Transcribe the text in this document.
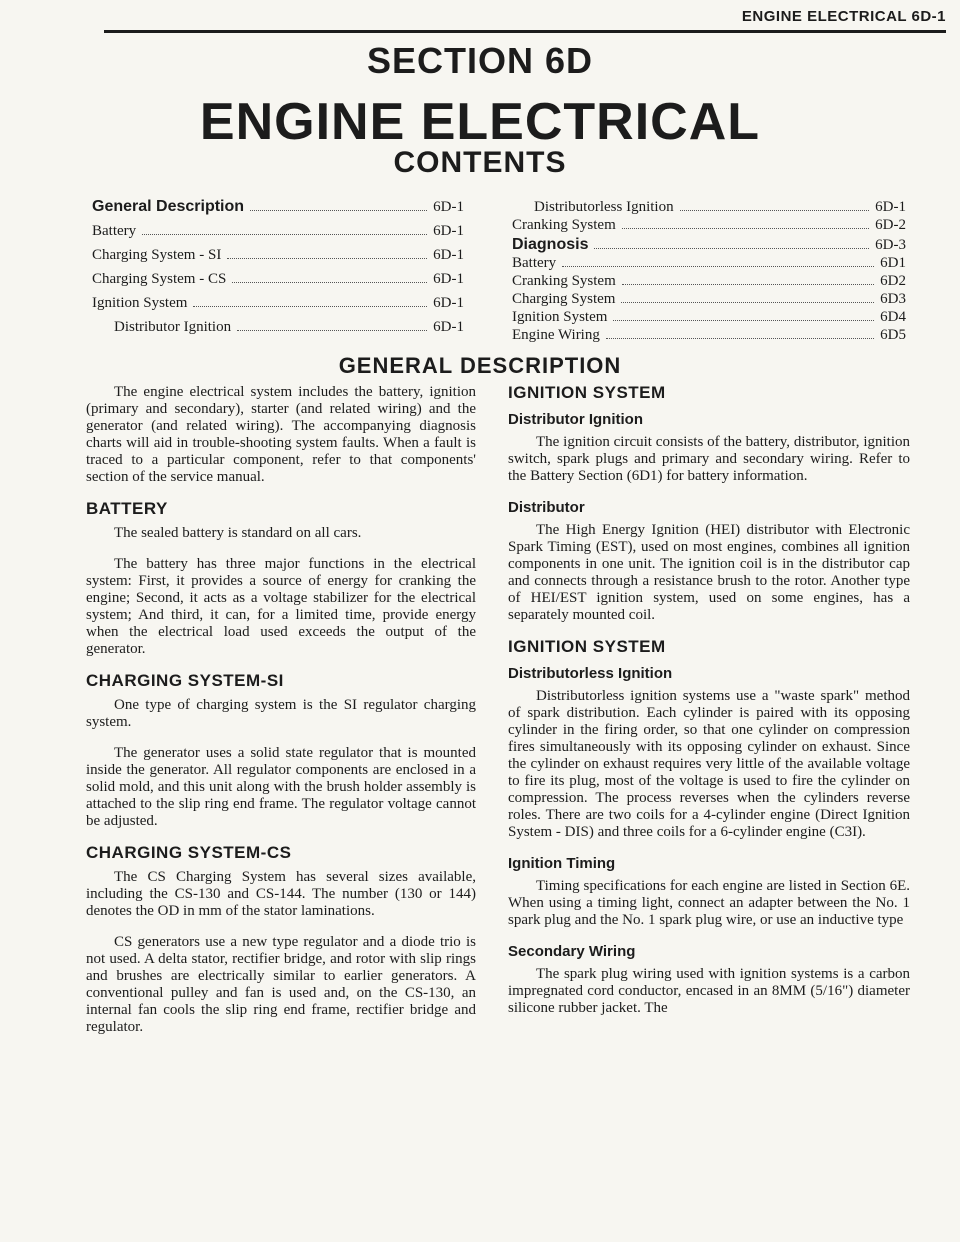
ENGINE ELECTRICAL 6D-1
SECTION 6D
ENGINE ELECTRICAL
CONTENTS
General Description	6D-1
Battery	6D-1
Charging System - SI	6D-1
Charging System - CS	6D-1
Ignition System	6D-1
Distributor Ignition	6D-1
Distributorless Ignition	6D-1
Cranking System	6D-2
Diagnosis	6D-3
Battery	6D1
Cranking System	6D2
Charging System	6D3
Ignition System	6D4
Engine Wiring	6D5
GENERAL DESCRIPTION

The engine electrical system includes the battery, ignition (primary and secondary), starter (and related wiring) and the generator (and related wiring). The accompanying diagnosis charts will aid in trouble-shooting system faults. When a fault is traced to a particular component, refer to that components' section of the service manual.

BATTERY

The sealed battery is standard on all cars.

The battery has three major functions in the electrical system: First, it provides a source of energy for cranking the engine; Second, it acts as a voltage stabilizer for the electrical system; And third, it can, for a limited time, provide energy when the electrical load used exceeds the output of the generator.

CHARGING SYSTEM-SI

One type of charging system is the SI regulator charging system.

The generator uses a solid state regulator that is mounted inside the generator. All regulator components are enclosed in a solid mold, and this unit along with the brush holder assembly is attached to the slip ring end frame. The regulator voltage cannot be adjusted.

CHARGING SYSTEM-CS

The CS Charging System has several sizes available, including the CS-130 and CS-144. The number (130 or 144) denotes the OD in mm of the stator laminations.

CS generators use a new type regulator and a diode trio is not used. A delta stator, rectifier bridge, and rotor with slip rings and brushes are electrically similar to earlier generators. A conventional pulley and fan is used and, on the CS-130, an internal fan cools the slip ring end frame, rectifier bridge and regulator.

IGNITION SYSTEM
Distributor Ignition

The ignition circuit consists of the battery, distributor, ignition switch, spark plugs and primary and secondary wiring. Refer to the Battery Section (6D1) for battery information.

Distributor

The High Energy Ignition (HEI) distributor with Electronic Spark Timing (EST), used on most engines, combines all ignition components in one unit. The ignition coil is in the distributor cap and connects through a resistance brush to the rotor. Another type of HEI/EST ignition system, used on some engines, has a separately mounted coil.

IGNITION SYSTEM
Distributorless Ignition

Distributorless ignition systems use a "waste spark" method of spark distribution. Each cylinder is paired with its opposing cylinder in the firing order, so that one cylinder on compression fires simultaneously with its opposing cylinder on exhaust. Since the cylinder on exhaust requires very little of the available voltage to fire its plug, most of the voltage is used to fire the cylinder on compression. The process reverses when the cylinders reverse roles. There are two coils for a 4-cylinder engine (Direct Ignition System - DIS) and three coils for a 6-cylinder engine (C3I).

Ignition Timing

Timing specifications for each engine are listed in Section 6E. When using a timing light, connect an adapter between the No. 1 spark plug and the No. 1 spark plug wire, or use an inductive type

Secondary Wiring

The spark plug wiring used with ignition systems is a carbon impregnated cord conductor, encased in an 8MM (5/16") diameter silicone rubber jacket. The
